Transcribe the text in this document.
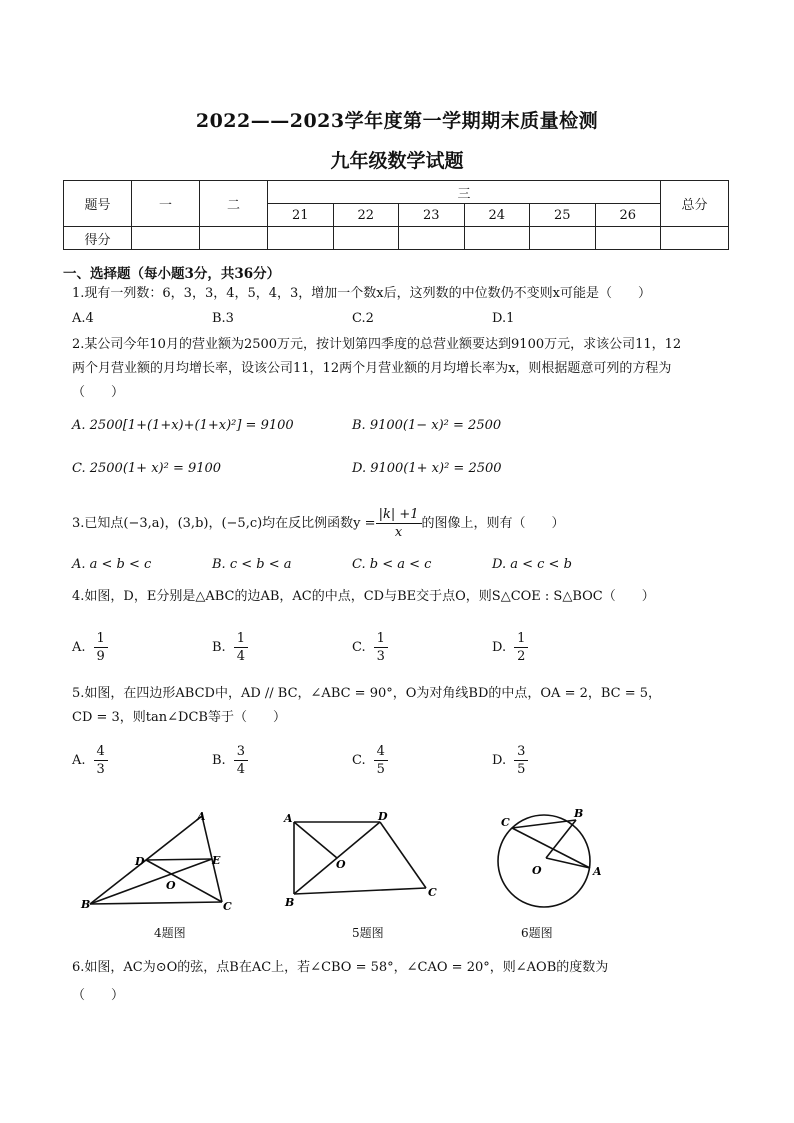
2022——2023学年度第一学期期末质量检测
九年级数学试题
题号	一	二	三						总分
			21	22	23	24	25	26	
得分									
一、选择题（每小题3分，共36分）
1.现有一列数：6，3，3，4，5，4，3，增加一个数x后，这列数的中位数仍不变则x可能是（　　）
A.4	B.3	C.2	D.1
2.某公司今年10月的营业额为2500万元，按计划第四季度的总营业额要达到9100万元，求该公司11，12
两个月营业额的月均增长率，设该公司11，12两个月营业额的月均增长率为x，则根据题意可列的方程为
（　　）
A. 2500[1+(1+x)+(1+x)²] = 9100	B. 9100(1− x)² = 2500
C. 2500(1+ x)² = 9100	D. 9100(1+ x)² = 2500
3.已知点(−3,a)，(3,b)，(−5,c)均在反比例函数$y = \frac{|k| +1}{x}$ 的图像上，则有（　　）
A. a < b < c	B. c < b < a	C. b < a < c	D. a < c < b
4.如图，D，E分别是△ABC的边AB，AC的中点，CD与BE交于点O，则S△COE : S△BOC（　　）
A. $\frac{1}{9}$	B. $\frac{1}{4}$	C. $\frac{1}{3}$	D. $\frac{1}{2}$
5.如图，在四边形ABCD中，AD // BC，∠ABC = 90°，O为对角线BD的中点，OA = 2，BC = 5，
CD = 3，则tan∠DCB等于（　　）
A. $\frac{4}{3}$	B. $\frac{3}{4}$	C. $\frac{4}{5}$	D. $\frac{3}{5}$
A
B	C
D	E
O
4题图
A
B
C
D
O
5题图
A
B
C
O
6题图
6.如图，AC为⊙O的弦，点B在AC上，若∠CBO = 58°，∠CAO = 20°，则∠AOB的度数为
（　　）
